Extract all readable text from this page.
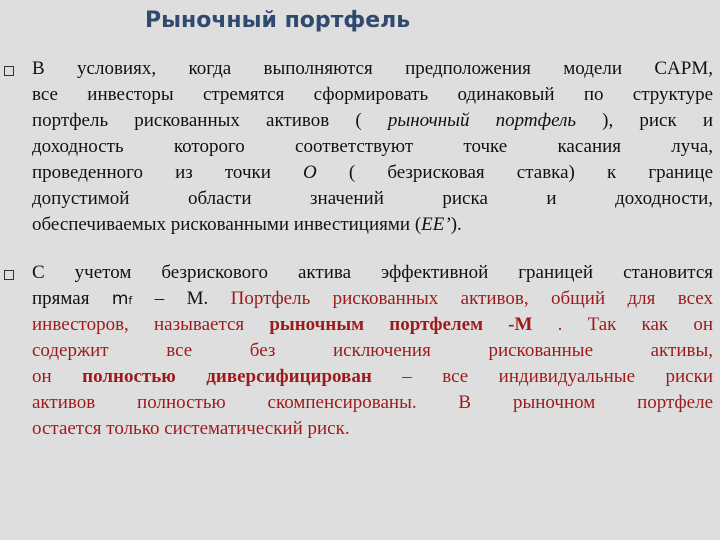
Рыночный портфель
В условиях, когда выполняются предположения модели CAPM,
все инвесторы стремятся сформировать одинаковый по структуре
портфель рискованных активов ( рыночный портфель ), риск и
доходность которого соответствуют точке касания луча,
проведенного из точки O ( безрисковая ставка) к границе
допустимой области значений риска и доходности,
обеспечиваемых рискованными инвестициями (EE’).
С учетом безрискового актива эффективной границей становится
прямая mf – M. Портфель рискованных активов, общий для всех
инвесторов, называется рыночным портфелем -M . Так как он
содержит все без исключения рискованные активы,
он полностью диверсифицирован – все индивидуальные риски
активов полностью скомпенсированы. В рыночном портфеле
остается только систематический риск.
